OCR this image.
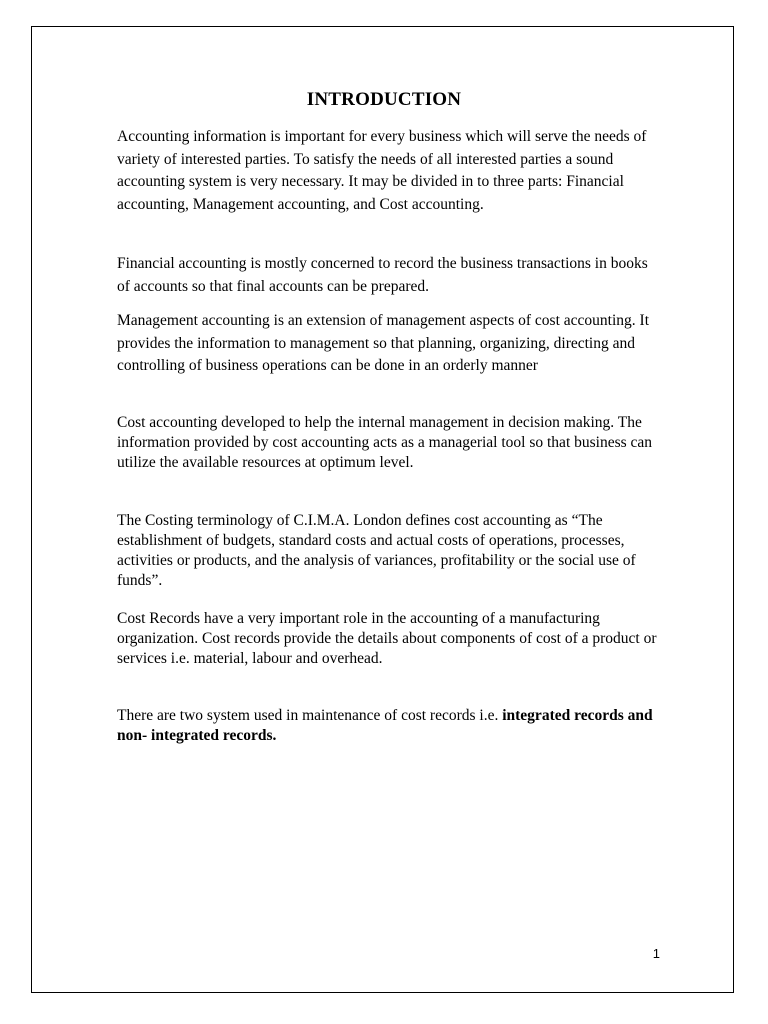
INTRODUCTION

Accounting information is important for every business which will serve the needs of variety of interested parties. To satisfy the needs of all interested parties a sound accounting system is very necessary. It may be divided in to three parts: Financial accounting, Management accounting, and Cost accounting.

Financial accounting is mostly concerned to record the business transactions in books of accounts so that final accounts can be prepared.

Management accounting is an extension of management aspects of cost accounting. It provides the information to management so that planning, organizing, directing and controlling of business operations can be done in an orderly manner

Cost accounting developed to help the internal management in decision making. The information provided by cost accounting acts as a managerial tool so that business can utilize the available resources at optimum level.

The Costing terminology of C.I.M.A. London defines cost accounting as “The establishment of budgets, standard costs and actual costs of operations, processes, activities or products, and the analysis of variances, profitability or the social use of funds”.

Cost Records have a very important role in the accounting of a manufacturing organization. Cost records provide the details about components of cost of a product or services i.e. material, labour and overhead.

There are two system used in maintenance of cost records i.e. integrated records and non- integrated records.

1
